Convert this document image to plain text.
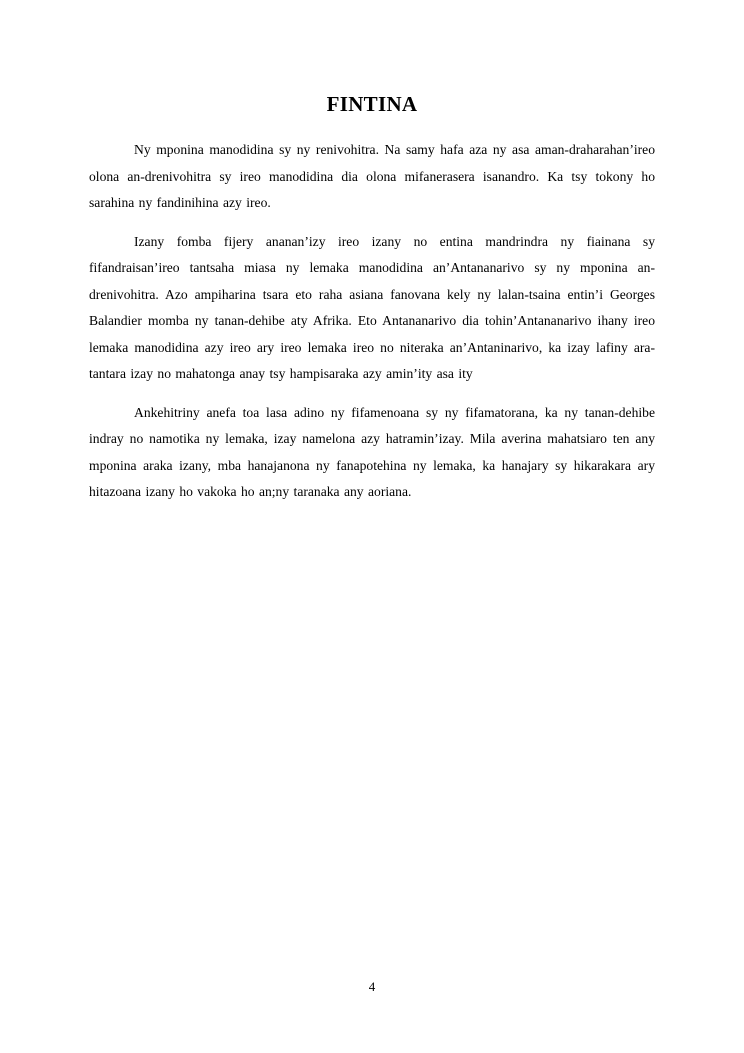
FINTINA

Ny mponina manodidina sy ny renivohitra. Na samy hafa aza ny asa aman-draharahan’ireo olona an-drenivohitra sy ireo manodidina dia olona mifanerasera isanandro. Ka tsy tokony ho sarahina ny fandinihina azy ireo.

Izany fomba fijery ananan’izy ireo izany no entina mandrindra ny fiainana sy fifandraisan’ireo tantsaha miasa ny lemaka manodidina an’Antananarivo sy ny mponina an-drenivohitra. Azo ampiharina tsara eto raha asiana fanovana kely ny lalan-tsaina entin’i Georges Balandier momba ny tanan-dehibe aty Afrika. Eto Antananarivo dia tohin’Antananarivo ihany ireo lemaka manodidina azy ireo ary ireo lemaka ireo no niteraka an’Antaninarivo, ka izay lafiny ara-tantara izay no mahatonga anay tsy hampisaraka azy amin’ity asa ity

Ankehitriny anefa toa lasa adino ny fifamenoana sy ny fifamatorana, ka ny tanan-dehibe indray no namotika ny lemaka, izay namelona azy hatramin’izay. Mila averina mahatsiaro ten any mponina araka izany, mba hanajanona ny fanapotehina ny lemaka, ka hanajary sy hikarakara ary hitazoana izany ho vakoka ho an;ny taranaka any aoriana.

4
